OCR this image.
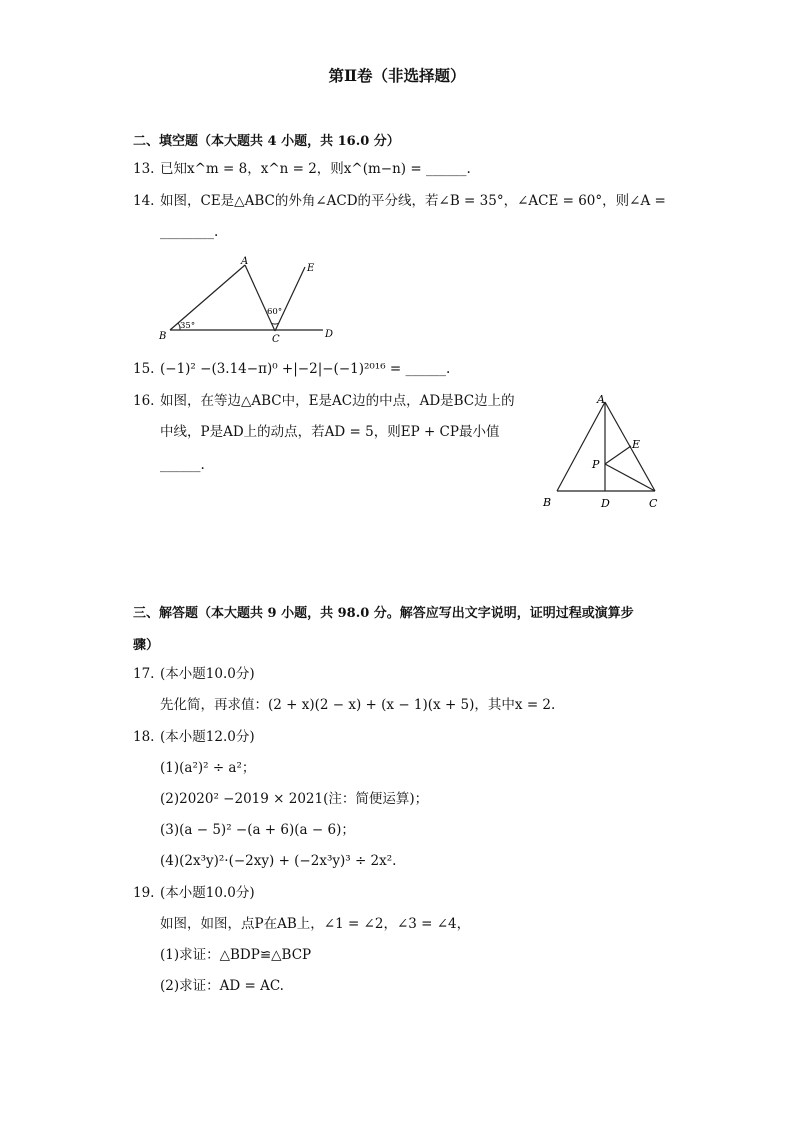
第Ⅱ卷（非选择题）
二、填空题（本大题共 4 小题，共 16.0 分）
13. 已知x^m = 8，x^n = 2，则x^(m−n) = ______.
14. 如图，CE是△ABC的外角∠ACD的平分线，若∠B = 35°，∠ACE = 60°，则∠A =
________.
A
B	C	D
E
35°
60°
15. (−1)² −(3.14−π)⁰ +|−2|−(−1)²⁰¹⁶ = ______.
16. 如图，在等边△ABC中，E是AC边的中点，AD是BC边上的
中线，P是AD上的动点，若AD = 5，则EP + CP最小值
______.
A
B	D	C
E
P
三、解答题（本大题共 9 小题，共 98.0 分。解答应写出文字说明，证明过程或演算步
骤）
17. (本小题10.0分)
先化简，再求值：(2 + x)(2 − x) + (x − 1)(x + 5)，其中x = 2.
18. (本小题12.0分)
(1)(a²)² ÷ a²；
(2)2020² −2019 × 2021(注：简便运算)；
(3)(a − 5)² −(a + 6)(a − 6)；
(4)(2x³y)²·(−2xy) + (−2x³y)³ ÷ 2x².
19. (本小题10.0分)
如图，如图，点P在AB上，∠1 = ∠2，∠3 = ∠4，
(1)求证：△BDP≌△BCP
(2)求证：AD = AC.
